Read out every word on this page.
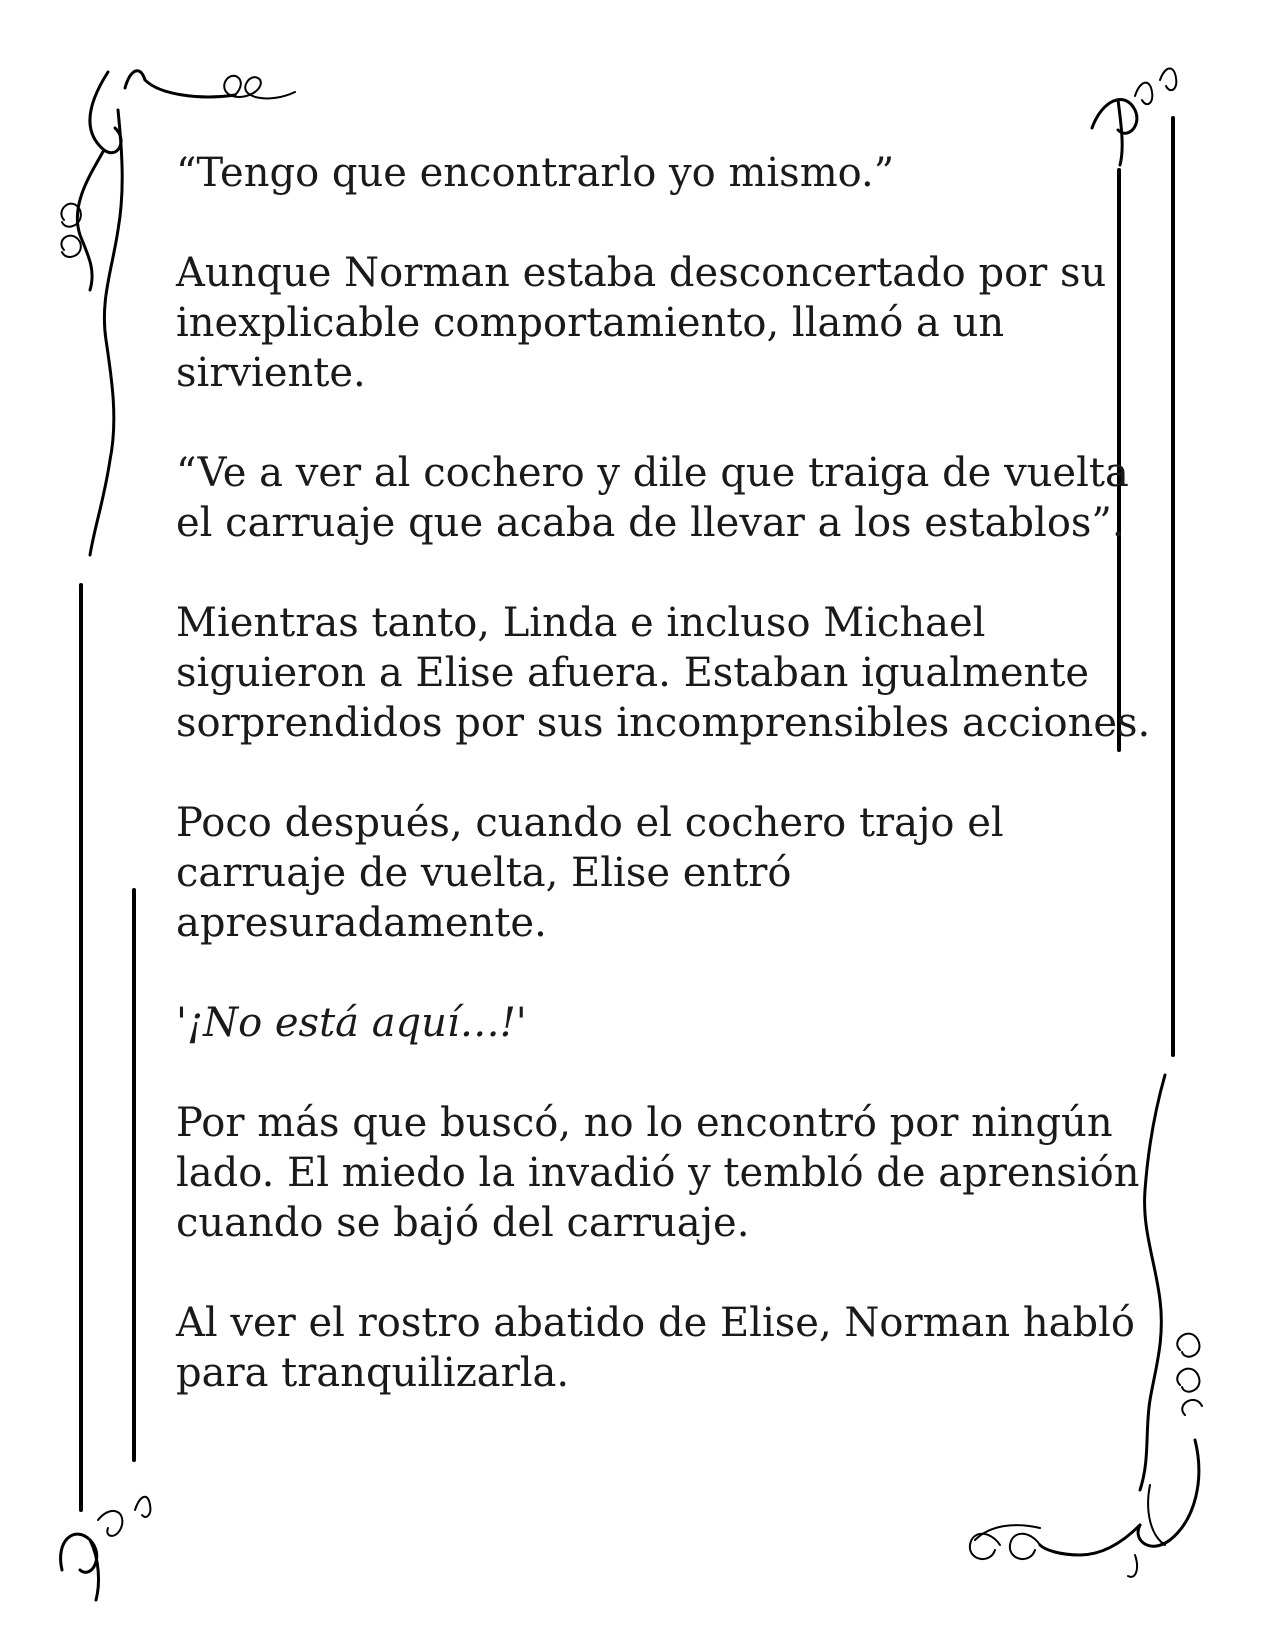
“Tengo que encontrarlo yo mismo.”

Aunque Norman estaba desconcertado por su
inexplicable comportamiento, llamó a un
sirviente.

“Ve a ver al cochero y dile que traiga de vuelta
el carruaje que acaba de llevar a los establos”.

Mientras tanto, Linda e incluso Michael
siguieron a Elise afuera. Estaban igualmente
sorprendidos por sus incomprensibles acciones.

Poco después, cuando el cochero trajo el
carruaje de vuelta, Elise entró
apresuradamente.

'¡No está aquí…!'

Por más que buscó, no lo encontró por ningún
lado. El miedo la invadió y tembló de aprensión
cuando se bajó del carruaje.

Al ver el rostro abatido de Elise, Norman habló
para tranquilizarla.
